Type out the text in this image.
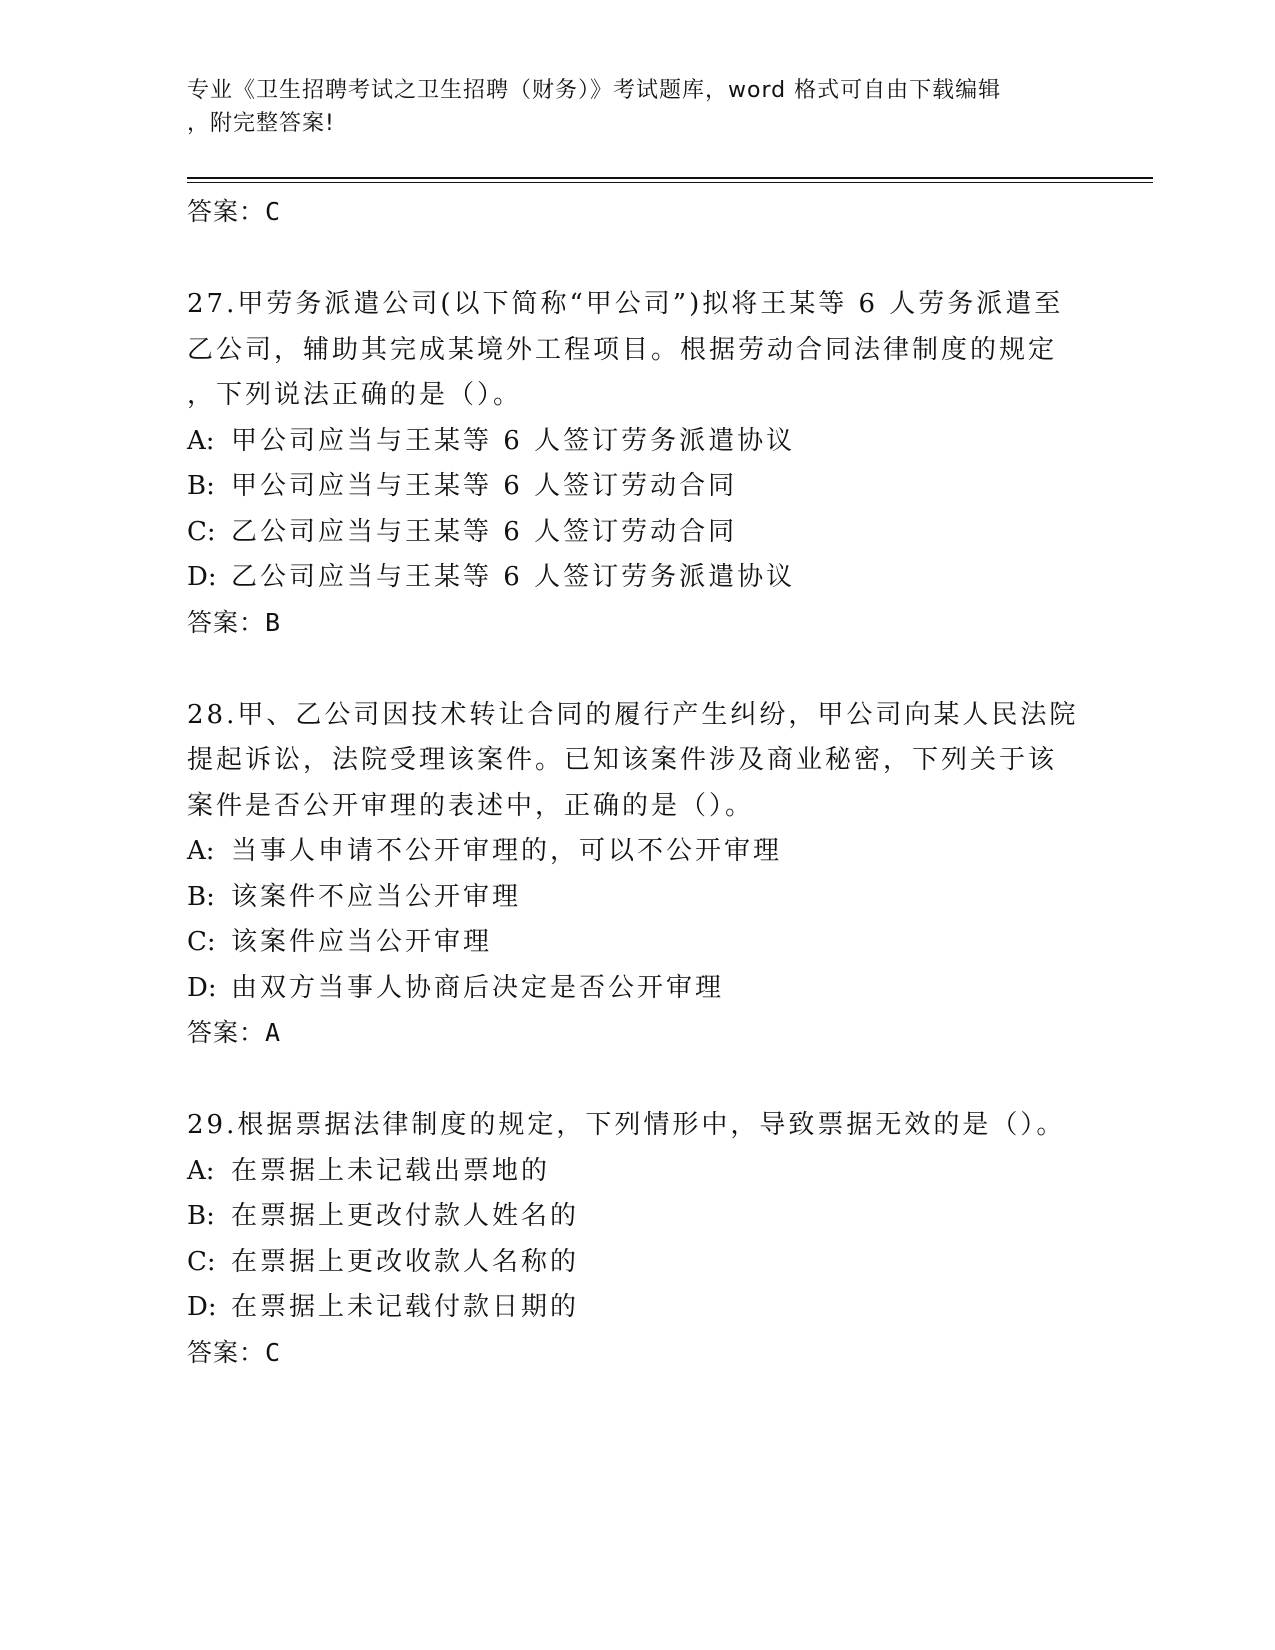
专业《卫生招聘考试之卫生招聘（财务）》考试题库，word 格式可自由下载编辑
，附完整答案!
答案：C
27.甲劳务派遣公司(以下简称“甲公司”)拟将王某等 6 人劳务派遣至
乙公司，辅助其完成某境外工程项目。根据劳动合同法律制度的规定
，下列说法正确的是（）。
A: 甲公司应当与王某等 6 人签订劳务派遣协议
B: 甲公司应当与王某等 6 人签订劳动合同
C: 乙公司应当与王某等 6 人签订劳动合同
D: 乙公司应当与王某等 6 人签订劳务派遣协议
答案：B
28.甲、乙公司因技术转让合同的履行产生纠纷，甲公司向某人民法院
提起诉讼，法院受理该案件。已知该案件涉及商业秘密，下列关于该
案件是否公开审理的表述中，正确的是（）。
A: 当事人申请不公开审理的，可以不公开审理
B: 该案件不应当公开审理
C: 该案件应当公开审理
D: 由双方当事人协商后决定是否公开审理
答案：A
29.根据票据法律制度的规定，下列情形中，导致票据无效的是（）。
A: 在票据上未记载出票地的
B: 在票据上更改付款人姓名的
C: 在票据上更改收款人名称的
D: 在票据上未记载付款日期的
答案：C
